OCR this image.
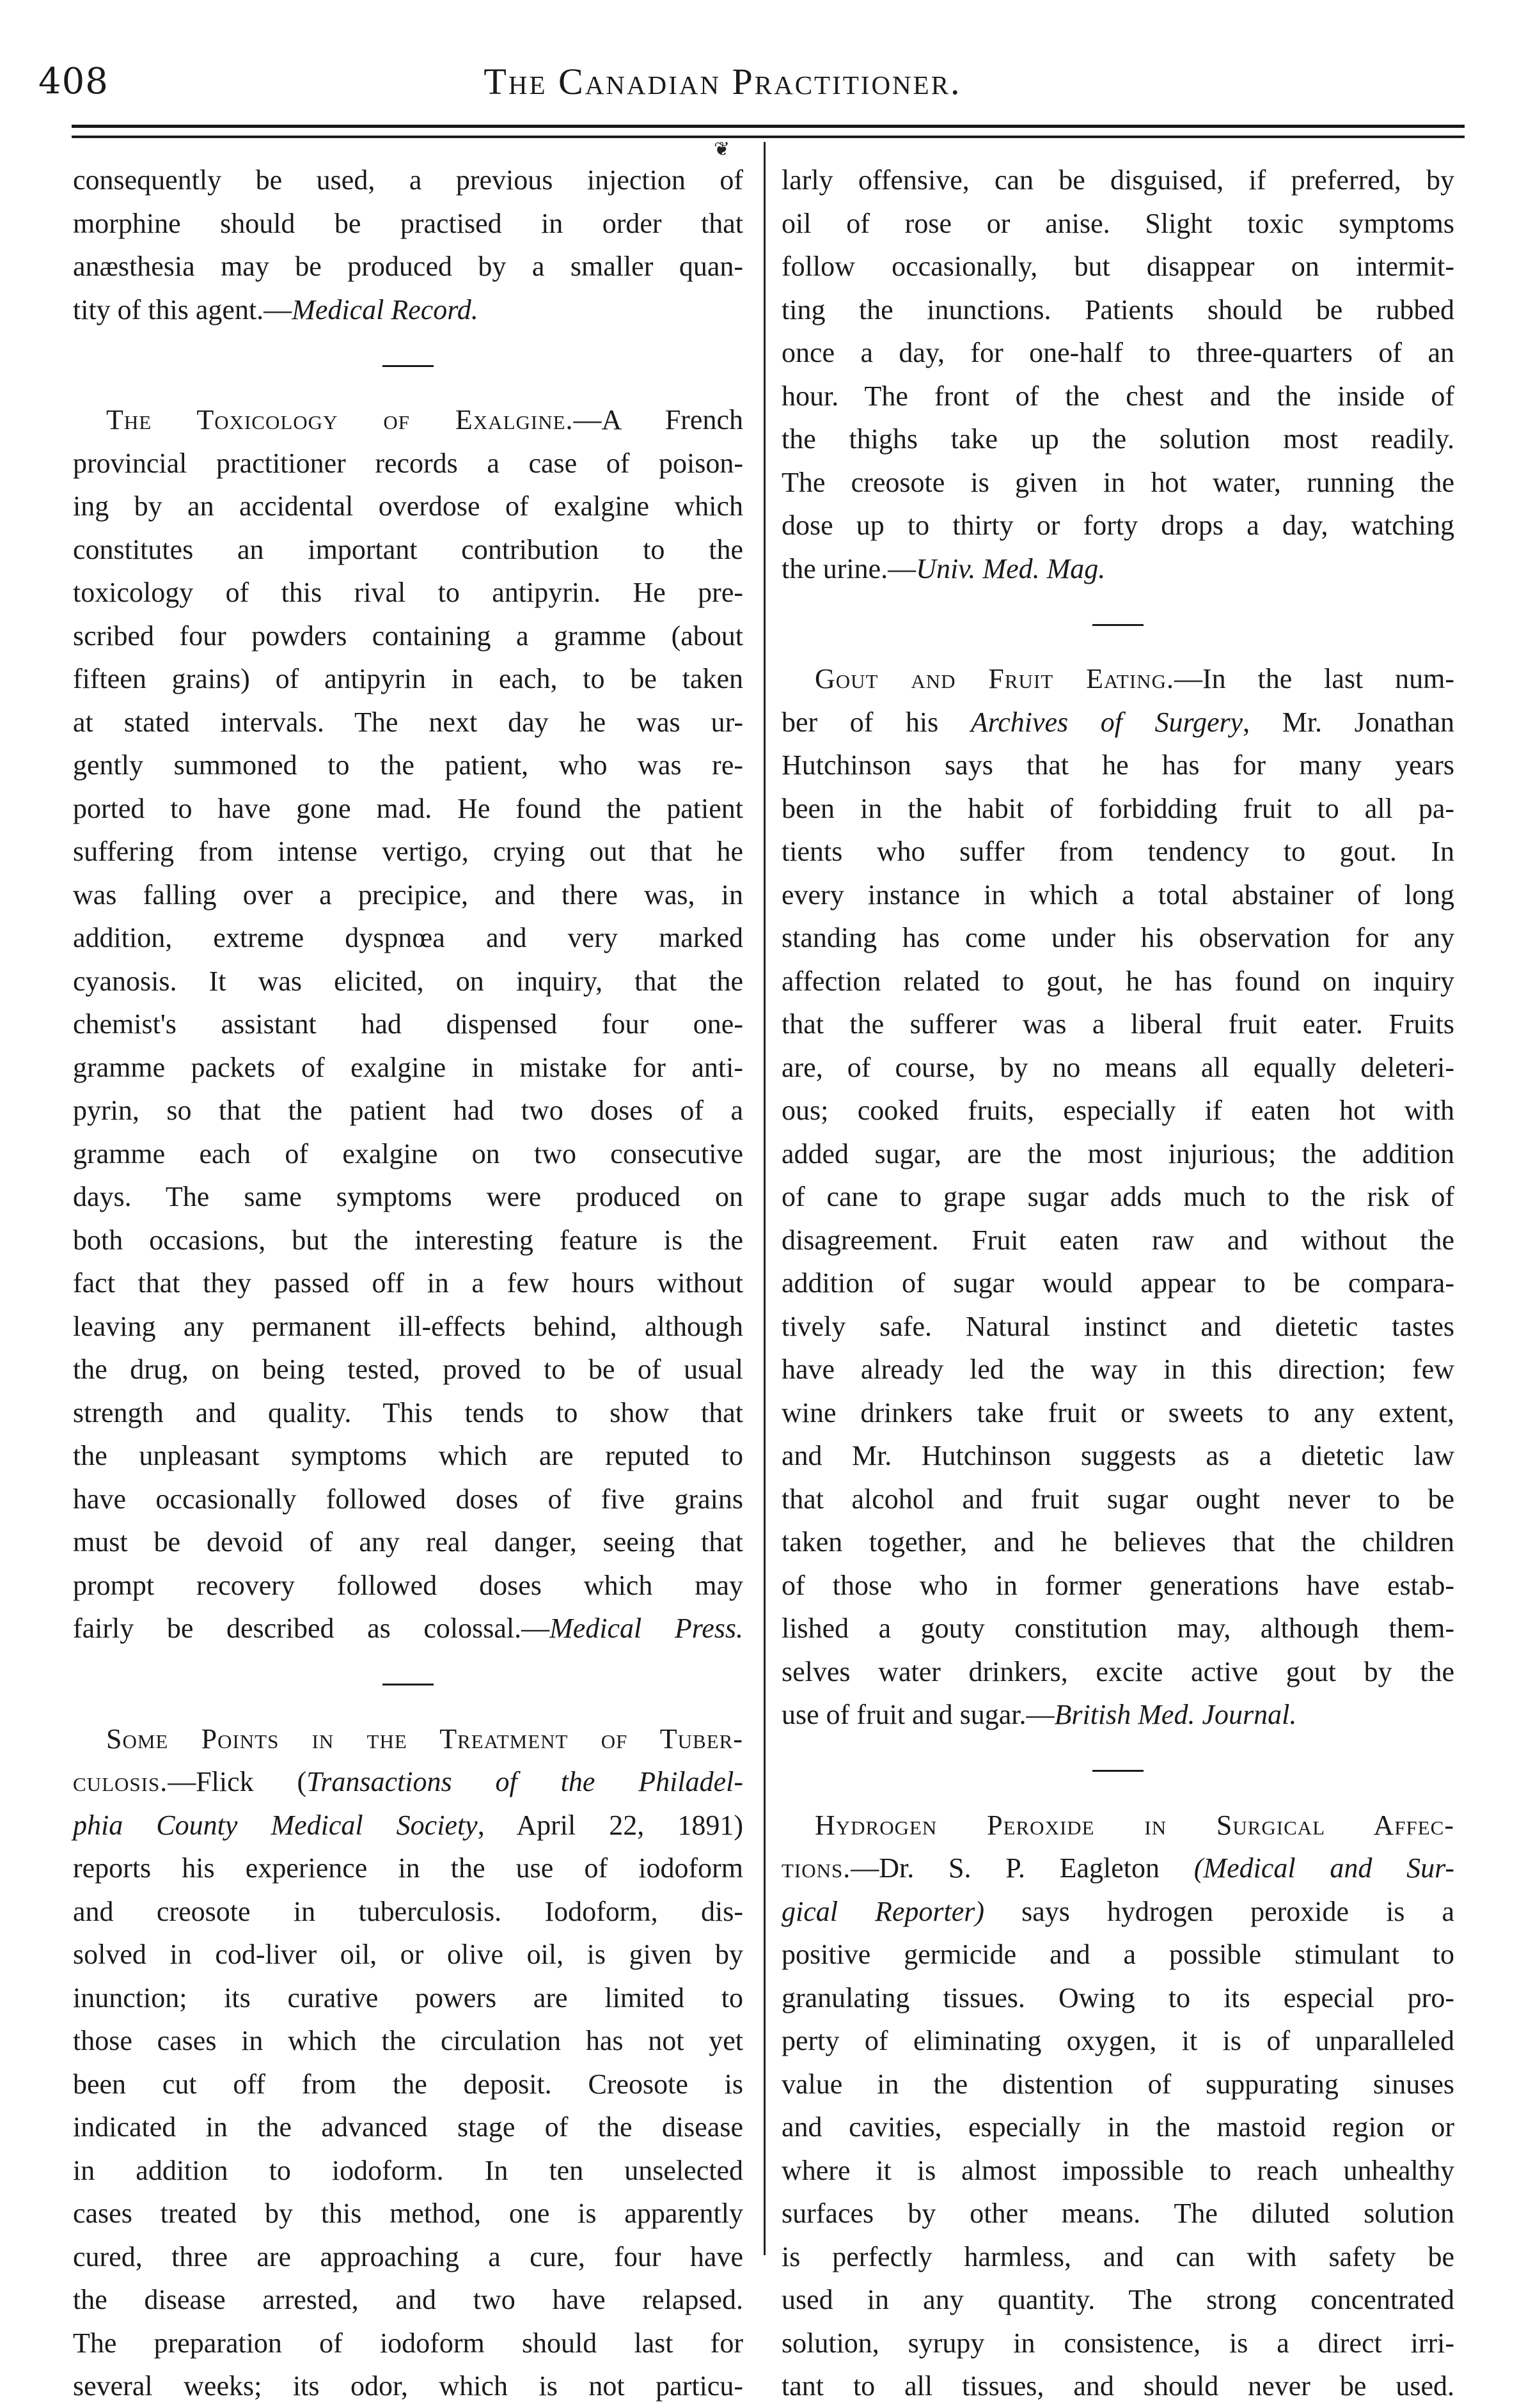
408	The Canadian Practitioner.
❦
consequently be used, a previous injection of
morphine should be practised in order that
anæsthesia may be produced by a smaller quan-
tity of this agent.—Medical Record.
The Toxicology of Exalgine.—A French
provincial practitioner records a case of poison-
ing by an accidental overdose of exalgine which
constitutes an important contribution to the
toxicology of this rival to antipyrin. He pre-
scribed four powders containing a gramme (about
fifteen grains) of antipyrin in each, to be taken
at stated intervals. The next day he was ur-
gently summoned to the patient, who was re-
ported to have gone mad. He found the patient
suffering from intense vertigo, crying out that he
was falling over a precipice, and there was, in
addition, extreme dyspnœa and very marked
cyanosis. It was elicited, on inquiry, that the
chemist's assistant had dispensed four one-
gramme packets of exalgine in mistake for anti-
pyrin, so that the patient had two doses of a
gramme each of exalgine on two consecutive
days. The same symptoms were produced on
both occasions, but the interesting feature is the
fact that they passed off in a few hours without
leaving any permanent ill-effects behind, although
the drug, on being tested, proved to be of usual
strength and quality. This tends to show that
the unpleasant symptoms which are reputed to
have occasionally followed doses of five grains
must be devoid of any real danger, seeing that
prompt recovery followed doses which may
fairly be described as colossal.—Medical Press.
Some Points in the Treatment of Tuber-
culosis.—Flick (Transactions of the Philadel-
phia County Medical Society, April 22, 1891)
reports his experience in the use of iodoform
and creosote in tuberculosis. Iodoform, dis-
solved in cod-liver oil, or olive oil, is given by
inunction; its curative powers are limited to
those cases in which the circulation has not yet
been cut off from the deposit. Creosote is
indicated in the advanced stage of the disease
in addition to iodoform. In ten unselected
cases treated by this method, one is apparently
cured, three are approaching a cure, four have
the disease arrested, and two have relapsed.
The preparation of iodoform should last for
several weeks; its odor, which is not particu-
larly offensive, can be disguised, if preferred, by
oil of rose or anise. Slight toxic symptoms
follow occasionally, but disappear on intermit-
ting the inunctions. Patients should be rubbed
once a day, for one-half to three-quarters of an
hour. The front of the chest and the inside of
the thighs take up the solution most readily.
The creosote is given in hot water, running the
dose up to thirty or forty drops a day, watching
the urine.—Univ. Med. Mag.
Gout and Fruit Eating.—In the last num-
ber of his Archives of Surgery, Mr. Jonathan
Hutchinson says that he has for many years
been in the habit of forbidding fruit to all pa-
tients who suffer from tendency to gout. In
every instance in which a total abstainer of long
standing has come under his observation for any
affection related to gout, he has found on inquiry
that the sufferer was a liberal fruit eater. Fruits
are, of course, by no means all equally deleteri-
ous; cooked fruits, especially if eaten hot with
added sugar, are the most injurious; the addition
of cane to grape sugar adds much to the risk of
disagreement. Fruit eaten raw and without the
addition of sugar would appear to be compara-
tively safe. Natural instinct and dietetic tastes
have already led the way in this direction; few
wine drinkers take fruit or sweets to any extent,
and Mr. Hutchinson suggests as a dietetic law
that alcohol and fruit sugar ought never to be
taken together, and he believes that the children
of those who in former generations have estab-
lished a gouty constitution may, although them-
selves water drinkers, excite active gout by the
use of fruit and sugar.—British Med. Journal.
Hydrogen Peroxide in Surgical Affec-
tions.—Dr. S. P. Eagleton (Medical and Sur-
gical Reporter) says hydrogen peroxide is a
positive germicide and a possible stimulant to
granulating tissues. Owing to its especial pro-
perty of eliminating oxygen, it is of unparalleled
value in the distention of suppurating sinuses
and cavities, especially in the mastoid region or
where it is almost impossible to reach unhealthy
surfaces by other means. The diluted solution
is perfectly harmless, and can with safety be
used in any quantity. The strong concentrated
solution, syrupy in consistence, is a direct irri-
tant to all tissues, and should never be used.
